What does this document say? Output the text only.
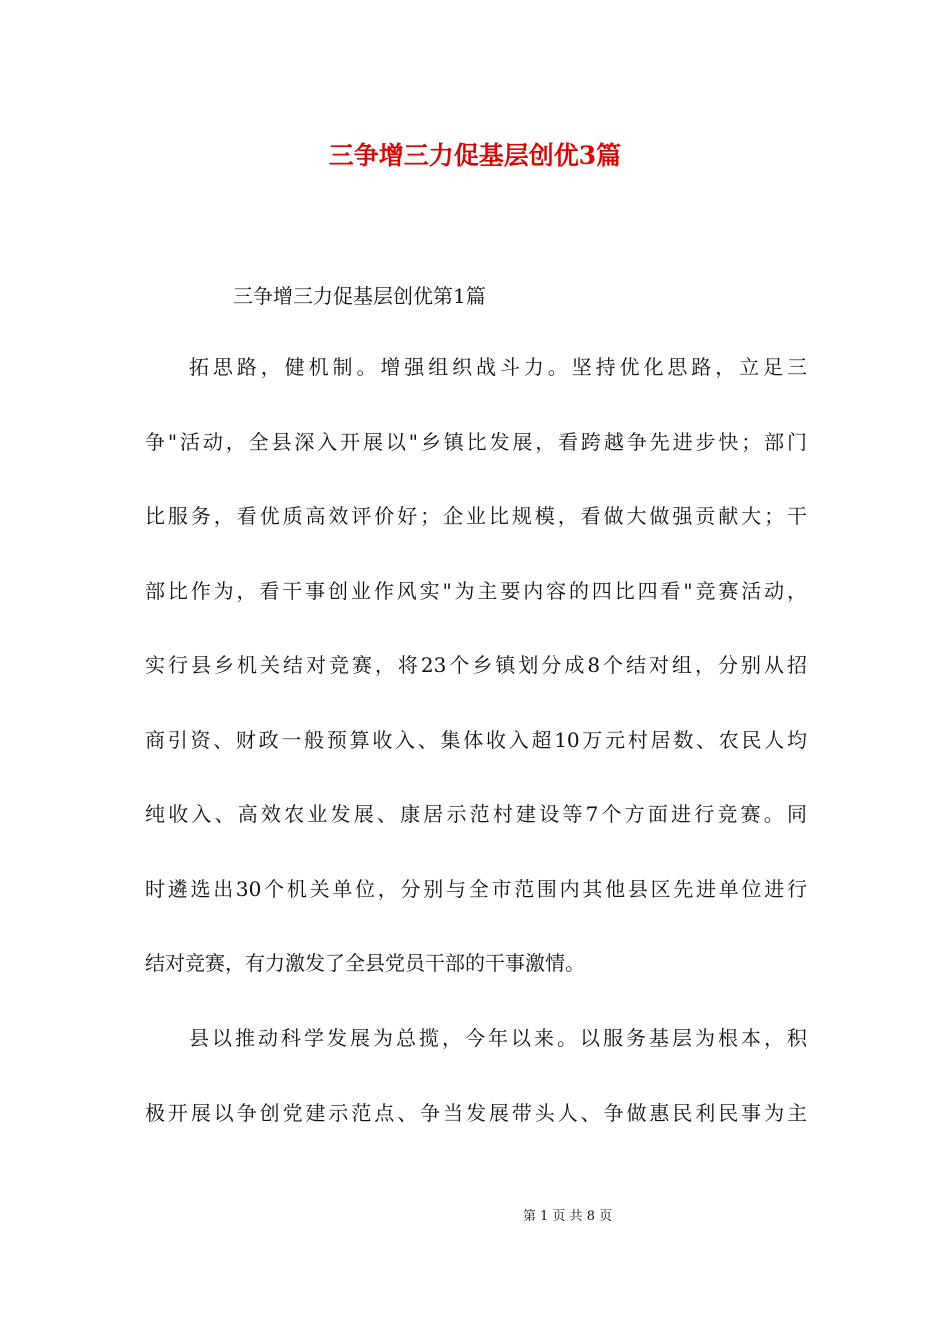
三争增三力促基层创优3篇

三争增三力促基层创优第1篇

拓思路，健机制。增强组织战斗力。坚持优化思路，立足三
争"活动，全县深入开展以"乡镇比发展，看跨越争先进步快；部门
比服务，看优质高效评价好；企业比规模，看做大做强贡献大；干
部比作为，看干事创业作风实"为主要内容的四比四看"竞赛活动，
实行县乡机关结对竞赛，将23个乡镇划分成8个结对组，分别从招
商引资、财政一般预算收入、集体收入超10万元村居数、农民人均
纯收入、高效农业发展、康居示范村建设等7个方面进行竞赛。同
时遴选出30个机关单位，分别与全市范围内其他县区先进单位进行
结对竞赛，有力激发了全县党员干部的干事激情。
县以推动科学发展为总揽，今年以来。以服务基层为根本，积
极开展以争创党建示范点、争当发展带头人、争做惠民利民事为主

第 1 页 共 8 页
